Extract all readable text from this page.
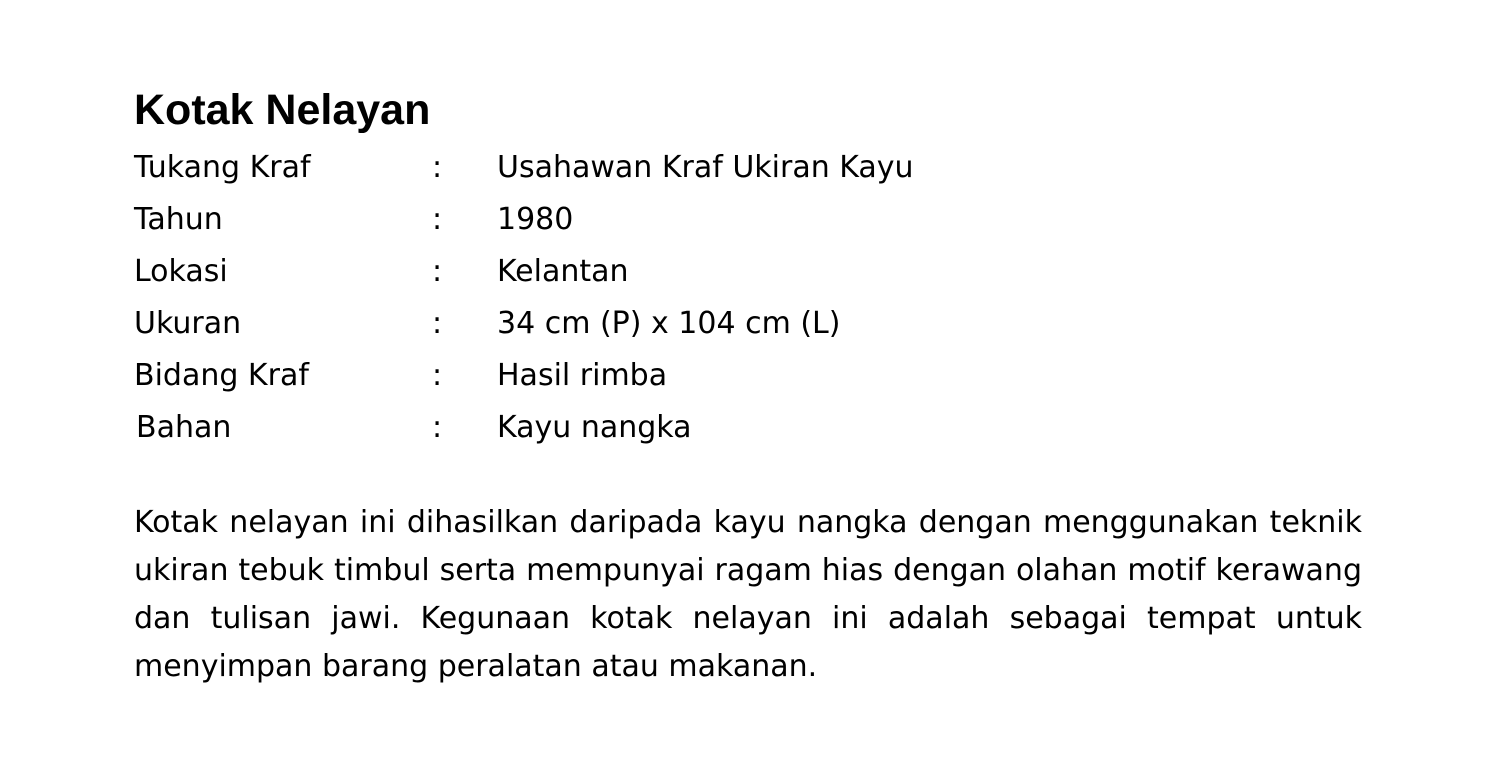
Kotak Nelayan
Tukang Kraf	: Usahawan Kraf Ukiran Kayu
Tahun	: 1980
Lokasi	: Kelantan
Ukuran	: 34 cm (P) x 104 cm (L)
Bidang Kraf	: Hasil rimba
Bahan	: Kayu nangka

Kotak nelayan ini dihasilkan daripada kayu nangka dengan menggunakan teknik ukiran tebuk timbul serta mempunyai ragam hias dengan olahan motif kerawang dan tulisan jawi. Kegunaan kotak nelayan ini adalah sebagai tempat untuk menyimpan barang peralatan atau makanan.
